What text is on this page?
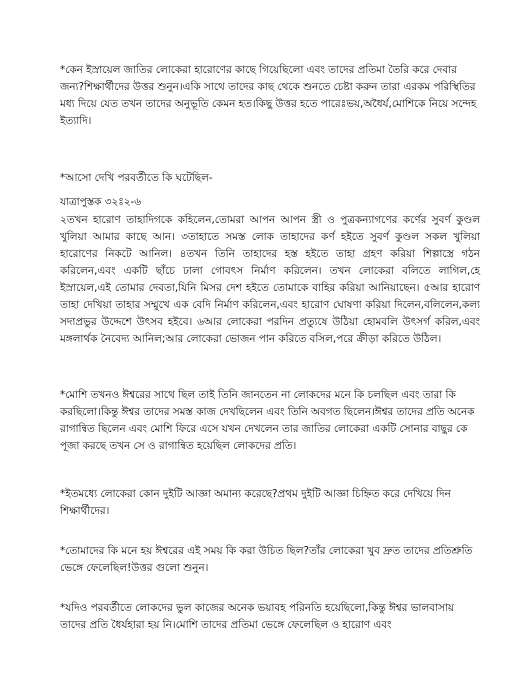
*কেন ইস্রায়েল জাতির লোকেরা হারোণের কাছে গিয়েছিলো এবং তাদের প্রতিমা তৈরি করে দেবার জন্য?শিক্ষার্থীদের উত্তর শুনুন।একি সাথে তাদের কাছ থেকে শুনতে চেষ্টা করুন তারা এরকম পরিস্থিতির মধ্য দিয়ে যেত তখন তাদের অনুভূতি কেমন হত।কিছু উত্তর হতে পারেঃভয়,অধৈর্য,মোশিকে নিয়ে সন্দেহ ইত্যাদি।

*আসো দেখি পরবর্তীতে কি ঘটেছিল-

যাত্রাপুস্তক ৩২ঃ২-৬

২তখন হারোণ তাহাদিগকে কহিলেন,তোমরা আপন আপন স্ত্রী ও পুত্রকন্যাগণের কর্ণের সুবর্ণ কুণ্ডল খুলিয়া আমার কাছে আন। ৩তাহাতে সমস্ত লোক তাহাদের কর্ণ হইতে সুবর্ণ কুণ্ডল সকল খুলিয়া হারোণের নিকটে আনিল। ৪তখন তিনি তাহাদের হস্ত হইতে তাহা গ্রহণ করিয়া শিল্পাস্ত্রে গঠন করিলেন,এবং একটি ছাঁচে ঢালা গোবৎস নির্মাণ করিলেন। তখন লোকেরা বলিতে লাগিল,হে ইস্রায়েল,এই তোমার দেবতা,যিনি মিসর দেশ হইতে তোমাকে বাহির করিয়া আনিয়াছেন। ৫আর হারোণ তাহা দেখিয়া তাহার সম্মুখে এক বেদি নির্মাণ করিলেন,এবং হারোণ ঘোষণা করিয়া দিলেন,বলিলেন,কল্য সদাপ্রভুর উদ্দেশে উৎসব হইবে। ৬আর লোকেরা পরদিন প্রত্যুষে উঠিয়া হোমবলি উৎসর্গ করিল,এবং মঙ্গলার্থক নৈবেদ্য আনিল;আর লোকেরা ভোজন পান করিতে বসিল,পরে ক্রীড়া করিতে উঠিল।

*মোশি তখনও ঈশ্বরের সাথে ছিল তাই তিনি জানতেন না লোকদের মনে কি চলছিল এবং তারা কি করছিলো।কিন্তু ঈশ্বর তাদের সমস্ত কাজ দেখছিলেন এবং তিনি অবগত ছিলেন।ঈশ্বর তাদের প্রতি অনেক রাগান্বিত ছিলেন এবং মোশি ফিরে এসে যখন দেখলেন তার জাতির লোকেরা একটি সোনার বাছুর কে পূজা করছে তখন সে ও রাগান্বিত হয়েছিল লোকদের প্রতি।

*ইতমধ্যে লোকেরা কোন দুইটি আজ্ঞা অমান্য করেছে?প্রথম দুইটি আজ্ঞা চিহ্নিত করে দেখিয়ে দিন শিক্ষার্থীদের।

*তোমাদের কি মনে হয় ঈশ্বরের এই সময় কি করা উচিত ছিল?তাঁর লোকেরা খুব দ্রুত তাদের প্রতিশ্রুতি ভেঙ্গে ফেলেছিল!উত্তর গুলো শুনুন।

*যদিও পরবর্তীতে লোকদের ভুল কাজের অনেক ভয়াবহ পরিনতি হয়েছিলো,কিন্তু ঈশ্বর ভালবাসায় তাদের প্রতি ধৈর্যহারা হয় নি।মোশি তাদের প্রতিমা ভেঙ্গে ফেলেছিল ও হারোণ এবং
